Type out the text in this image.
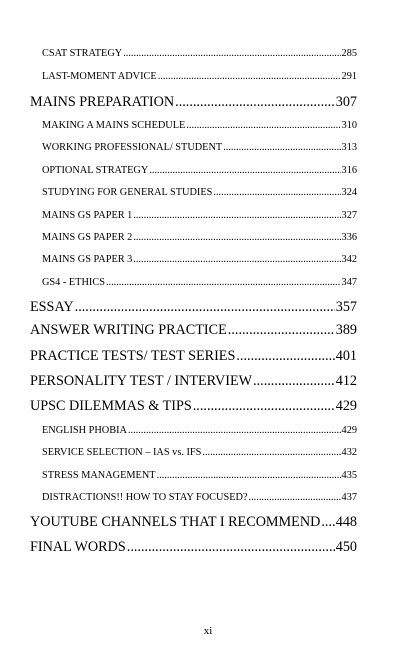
CSAT STRATEGY .....	285
LAST-MOMENT ADVICE .....	291
MAINS PREPARATION .....	307
MAKING A MAINS SCHEDULE .....	310
WORKING PROFESSIONAL/ STUDENT .....	313
OPTIONAL STRATEGY .....	316
STUDYING FOR GENERAL STUDIES .....	324
MAINS GS PAPER 1 .....	327
MAINS GS PAPER 2 .....	336
MAINS GS PAPER 3 .....	342
GS4 - ETHICS .....	347
ESSAY .....	357
ANSWER WRITING PRACTICE .....	389
PRACTICE TESTS/ TEST SERIES .....	401
PERSONALITY TEST / INTERVIEW .....	412
UPSC DILEMMAS & TIPS .....	429
ENGLISH PHOBIA .....	429
SERVICE SELECTION – IAS vs. IFS .....	432
STRESS MANAGEMENT .....	435
DISTRACTIONS!! HOW TO STAY FOCUSED? .....	437
YOUTUBE CHANNELS THAT I RECOMMEND ..... 448
FINAL WORDS .....	450
xi
